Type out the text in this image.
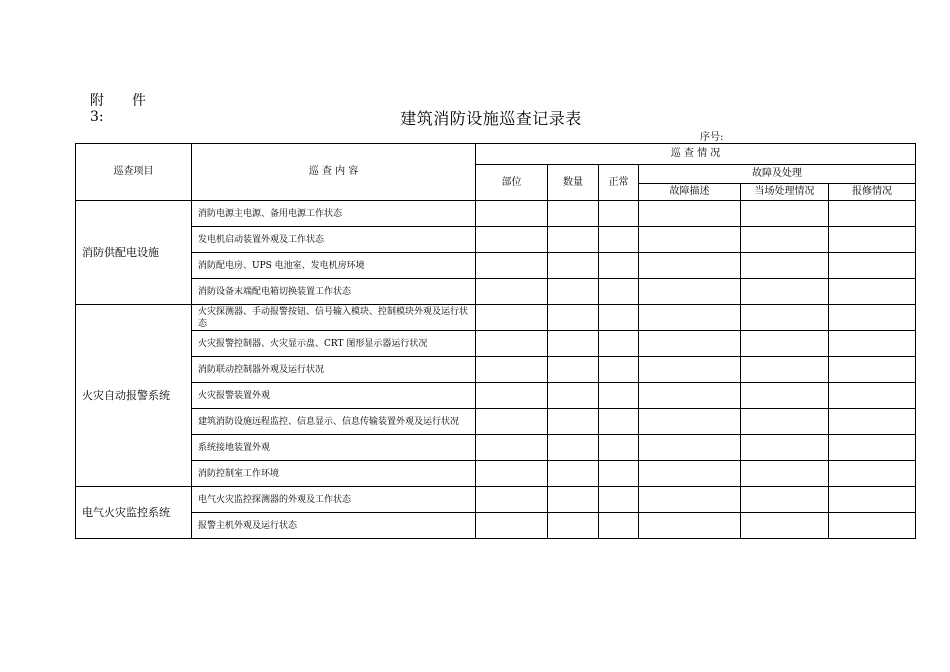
附　　件
3:	建筑消防设施巡查记录表
序号:
巡查项目	巡 查 内 容	巡 查 情 况					
		部位	数量	正常	故障及处理		
					故障描述	当场处理情况	报修情况
消防供配电设施	消防电源主电源、备用电源工作状态						

	发电机启动装置外观及工作状态						

	消防配电房、UPS 电池室、发电机房环境						

	消防设备末端配电箱切换装置工作状态						

火灾自动报警系统	火灾探测器、手动报警按钮、信号输入模块、控制模块外观及运行状态						

	火灾报警控制器、火灾显示盘、CRT 图形显示器运行状况						

	消防联动控制器外观及运行状况						

	火灾报警装置外观						

	建筑消防设施远程监控、信息显示、信息传输装置外观及运行状况						

	系统接地装置外观						

	消防控制室工作环境						

电气火灾监控系统	电气火灾监控探测器的外观及工作状态						

	报警主机外观及运行状态						
